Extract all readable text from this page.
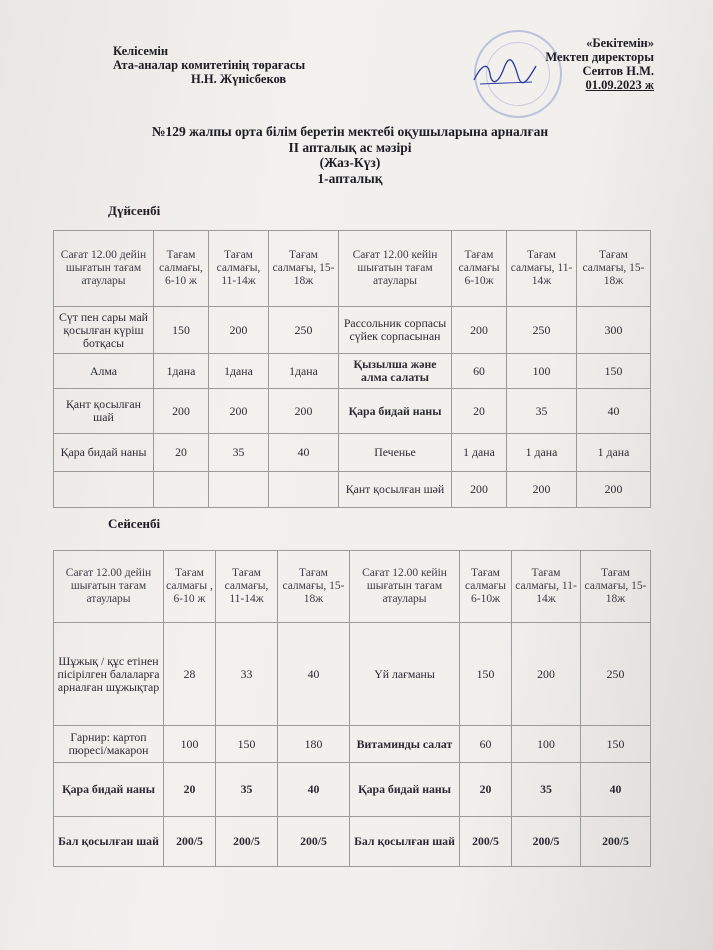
Келісемін
Ата-аналар комитетінің төрағасы
Н.Н. Жүнісбеков
«Бекітемін»
Мектеп директоры
Сеитов Н.М.
01.09.2023 ж
№129 жалпы орта білім беретін мектебі оқушыларына арналған
II апталық ас мәзірі
(Жаз-Күз)
1-апталық
Дүйсенбі
Сағат 12.00 дейін шығатын тағам атаулары	Тағам салмағы, 6-10 ж	Тағам салмағы, 11-14ж	Тағам салмағы, 15-18ж	Сағат 12.00 кейін шығатын тағам атаулары	Тағам салмағы 6-10ж	Тағам салмағы, 11-14ж	Тағам салмағы, 15-18ж
Сүт пен сары май қосылған күріш ботқасы	150	200	250	Рассольник сорпасы сүйек сорпасынан	200	250	300
Алма	1дана	1дана	1дана	Қызылша және алма салаты	60	100	150
Қант қосылған шай	200	200	200	Қара бидай наны	20	35	40
Қара бидай наны	20	35	40	Печенье	1 дана	1 дана	1 дана
				Қант қосылған шәй	200	200	200
Сейсенбі
Сағат 12.00 дейін шығатын тағам атаулары	Тағам салмағы , 6-10 ж	Тағам салмағы, 11-14ж	Тағам салмағы, 15-18ж	Сағат 12.00 кейін шығатын тағам атаулары	Тағам салмағы 6-10ж	Тағам салмағы, 11-14ж	Тағам салмағы, 15-18ж
Шұжық / құс етінен пісірілген балаларға арналған шұжықтар	28	33	40	Үй лағманы	150	200	250
Гарнир: картоп пюресі/макарон	100	150	180	Витаминды салат	60	100	150
Қара бидай наны	20	35	40	Қара бидай наны	20	35	40
Бал қосылған шай	200/5	200/5	200/5	Бал қосылған шай	200/5	200/5	200/5
